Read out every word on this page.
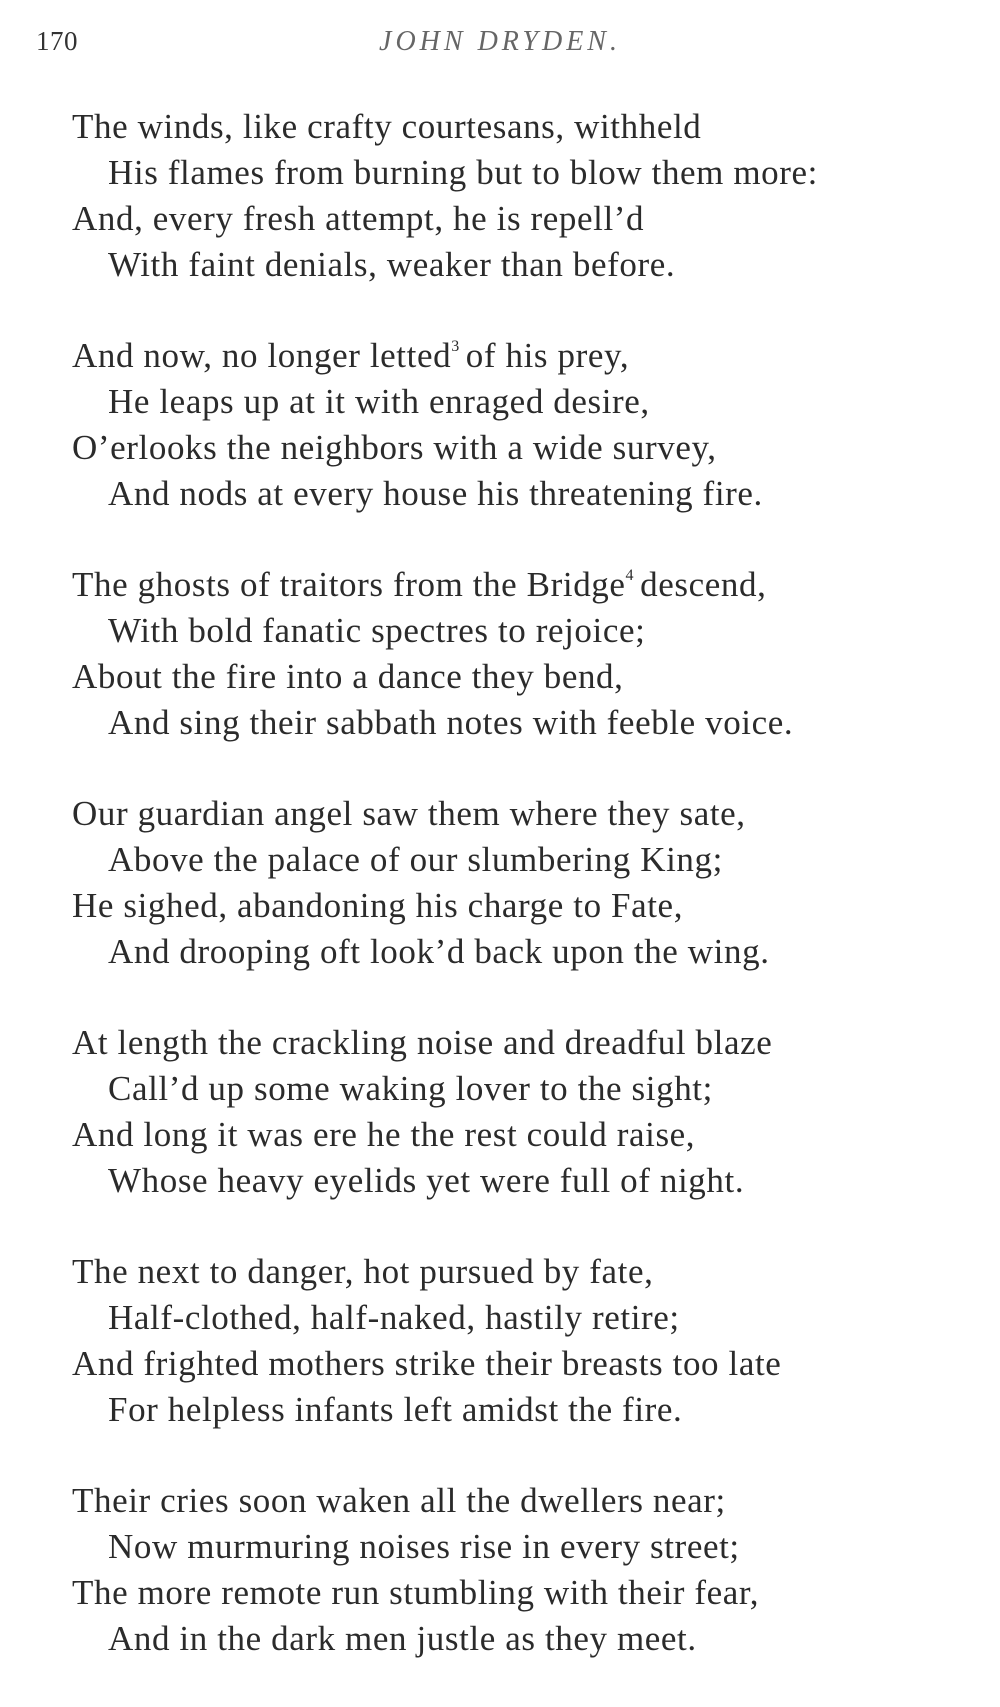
170	JOHN DRYDEN.
The winds, like crafty courtesans, withheld
His flames from burning but to blow them more:
And, every fresh attempt, he is repell’d
With faint denials, weaker than before.
And now, no longer letted$^3$ of his prey,
He leaps up at it with enraged desire,
O’erlooks the neighbors with a wide survey,
And nods at every house his threatening fire.
The ghosts of traitors from the Bridge$^4$ descend,
With bold fanatic spectres to rejoice;
About the fire into a dance they bend,
And sing their sabbath notes with feeble voice.
Our guardian angel saw them where they sate,
Above the palace of our slumbering King;
He sighed, abandoning his charge to Fate,
And drooping oft look’d back upon the wing.
At length the crackling noise and dreadful blaze
Call’d up some waking lover to the sight;
And long it was ere he the rest could raise,
Whose heavy eyelids yet were full of night.
The next to danger, hot pursued by fate,
Half-clothed, half-naked, hastily retire;
And frighted mothers strike their breasts too late
For helpless infants left amidst the fire.
Their cries soon waken all the dwellers near;
Now murmuring noises rise in every street;
The more remote run stumbling with their fear,
And in the dark men justle as they meet.
